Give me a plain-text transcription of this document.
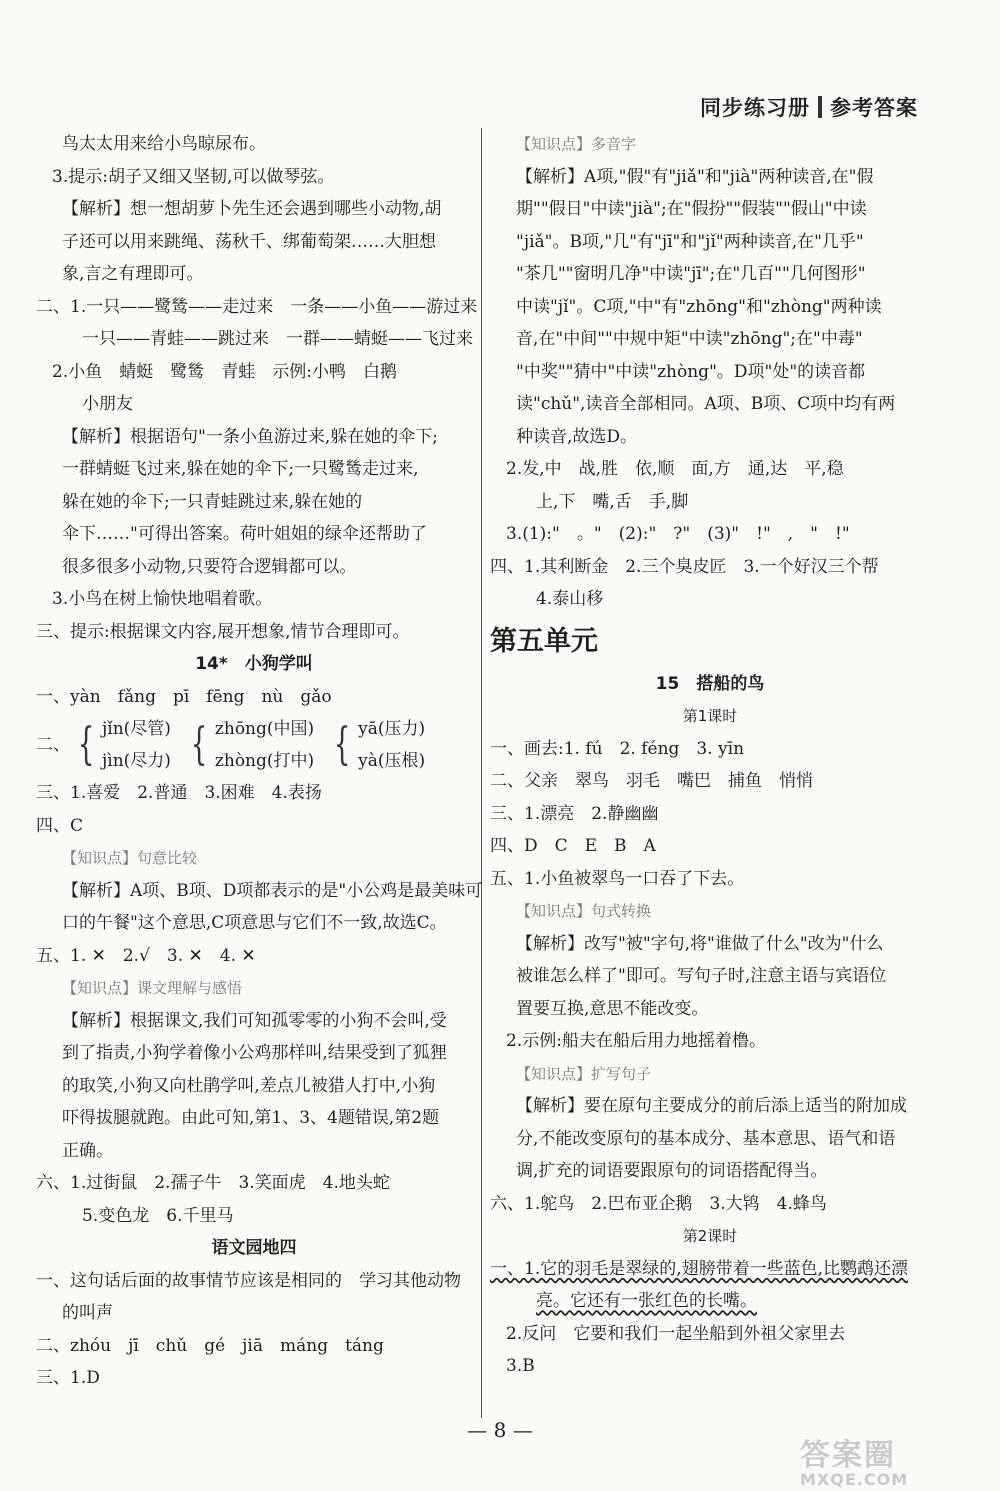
同步练习册 参考答案
鸟太太用来给小鸟晾尿布。
3.提示:胡子又细又坚韧,可以做琴弦。
【解析】想一想胡萝卜先生还会遇到哪些小动物,胡
子还可以用来跳绳、荡秋千、绑葡萄架……大胆想
象,言之有理即可。
二、1.一只——鹭鸶——走过来　一条——小鱼——游过来
一只——青蛙——跳过来　一群——蜻蜓——飞过来
2.小鱼　蜻蜓　鹭鸶　青蛙　示例:小鸭　白鹅
小朋友
【解析】根据语句"一条小鱼游过来,躲在她的伞下;
一群蜻蜓飞过来,躲在她的伞下;一只鹭鸶走过来,
躲在她的伞下;一只青蛙跳过来,躲在她的
伞下……"可得出答案。荷叶姐姐的绿伞还帮助了
很多很多小动物,只要符合逻辑都可以。
3.小鸟在树上愉快地唱着歌。
三、提示:根据课文内容,展开想象,情节合理即可。
14*　小狗学叫
一、yàn　fǎng　pī　fēng　nù　gǎo
二、 { jǐn(尽管)
jìn(尽力) { zhōng(中国)
zhòng(打中) { yā(压力)
yà(压根)
三、1.喜爱　2.普通　3.困难　4.表扬
四、C
【知识点】句意比较
【解析】A项、B项、D项都表示的是"小公鸡是最美味可
口的午餐"这个意思,C项意思与它们不一致,故选C。
五、1. ✕　2.√　3. ✕　4. ✕
【知识点】课文理解与感悟
【解析】根据课文,我们可知孤零零的小狗不会叫,受
到了指责,小狗学着像小公鸡那样叫,结果受到了狐狸
的取笑,小狗又向杜鹃学叫,差点儿被猎人打中,小狗
吓得拔腿就跑。由此可知,第1、3、4题错误,第2题
正确。
六、1.过街鼠　2.孺子牛　3.笑面虎　4.地头蛇
5.变色龙　6.千里马
语文园地四
一、这句话后面的故事情节应该是相同的　学习其他动物
的叫声
二、zhóu　jī　chǔ　gé　jiā　máng　táng
三、1.D
【知识点】多音字
【解析】A项,"假"有"jiǎ"和"jià"两种读音,在"假
期""假日"中读"jià";在"假扮""假装""假山"中读
"jiǎ"。B项,"几"有"jī"和"jǐ"两种读音,在"几乎"
"茶几""窗明几净"中读"jī";在"几百""几何图形"
中读"jǐ"。C项,"中"有"zhōng"和"zhòng"两种读
音,在"中间""中规中矩"中读"zhōng";在"中毒"
"中奖""猜中"中读"zhòng"。D项"处"的读音都
读"chǔ",读音全部相同。A项、B项、C项中均有两
种读音,故选D。
2.发,中　战,胜　依,顺　面,方　通,达　平,稳
上,下　嘴,舌　手,脚
3.(1):"　。"　(2):"　?"　(3)"　!"　,　"　!"
四、1.其利断金　2.三个臭皮匠　3.一个好汉三个帮
4.泰山移
第五单元
15　搭船的鸟
第1课时
一、画去:1. fú　2. féng　3. yīn
二、父亲　翠鸟　羽毛　嘴巴　捕鱼　悄悄
三、1.漂亮　2.静幽幽
四、D　C　E　B　A
五、1.小鱼被翠鸟一口吞了下去。
【知识点】句式转换
【解析】改写"被"字句,将"谁做了什么"改为"什么
被谁怎么样了"即可。写句子时,注意主语与宾语位
置要互换,意思不能改变。
2.示例:船夫在船后用力地摇着橹。
【知识点】扩写句子
【解析】要在原句主要成分的前后添上适当的附加成
分,不能改变原句的基本成分、基本意思、语气和语
调,扩充的词语要跟原句的词语搭配得当。
六、1.鸵鸟　2.巴布亚企鹅　3.大鸨　4.蜂鸟
第2课时
一、1.它的羽毛是翠绿的,翅膀带着一些蓝色,比鹦鹉还漂
亮。它还有一张红色的长嘴。
2.反问　它要和我们一起坐船到外祖父家里去
3.B
— 8 —
答案圈
MXQE.COM
